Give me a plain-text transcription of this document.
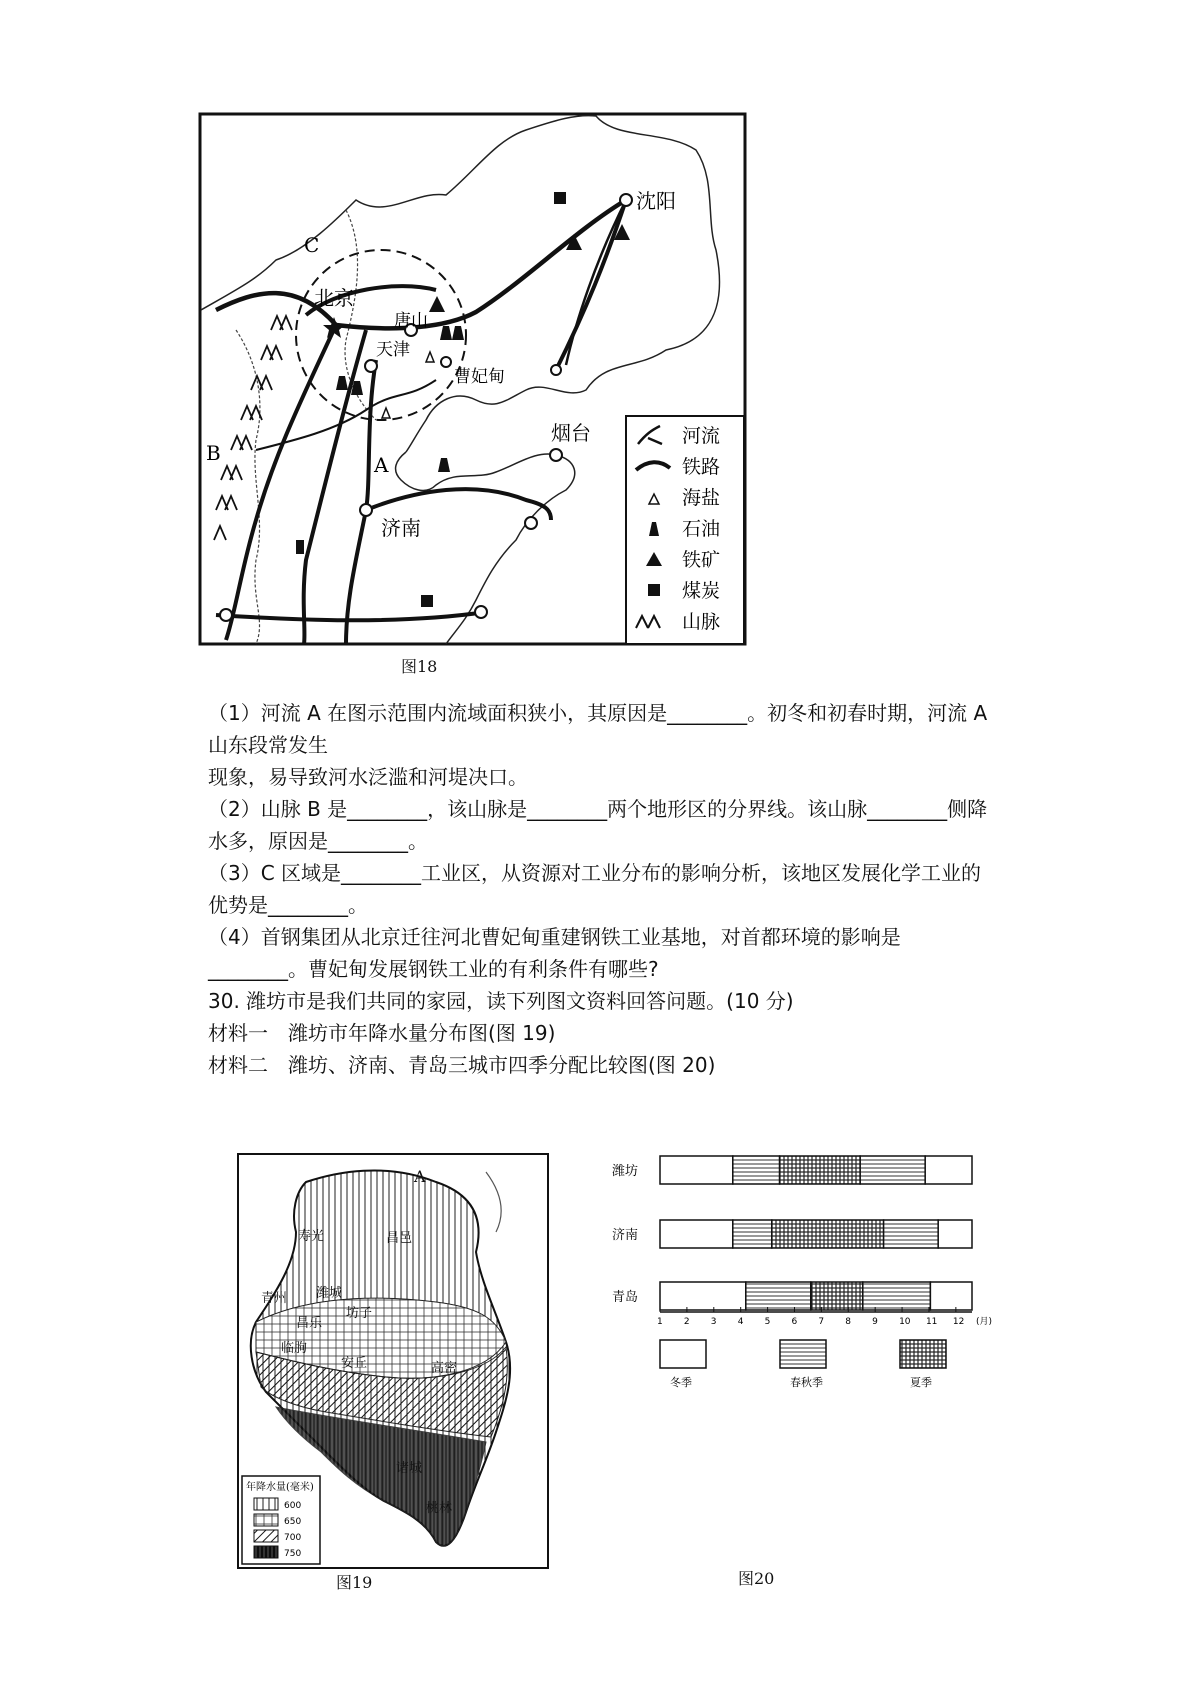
沈阳
北京
唐山
天津
曹妃甸
烟台
济南
C
B	A
河流
铁路
海盐
石油
铁矿
煤炭
山脉
图18
（1）河流 A 在图示范围内流域面积狭小，其原因是________。初冬和初春时期，河流 A
山东段常发生
现象，易导致河水泛滥和河堤决口。
（2）山脉 B 是________，该山脉是________两个地形区的分界线。该山脉________侧降
水多，原因是________。
（3）C 区域是________工业区，从资源对工业分布的影响分析，该地区发展化学工业的
优势是________。
（4）首钢集团从北京迁往河北曹妃甸重建钢铁工业基地，对首都环境的影响是
________。曹妃甸发展钢铁工业的有利条件有哪些?
30. 潍坊市是我们共同的家园，读下列图文资料回答问题。(10 分)
材料一　潍坊市年降水量分布图(图 19)
材料二　潍坊、济南、青岛三城市四季分配比较图(图 20)
A
寿光
潍城
昌邑
青州
昌乐
坊子
临朐
安丘	高密
诸城
桃林
年降水量(毫米)
600
650
700
750
图19
潍坊
济南
青岛
1 2 3 4 5 6 7 8 9 10 11 12 (月)
冬季	春秋季	夏季
图20
